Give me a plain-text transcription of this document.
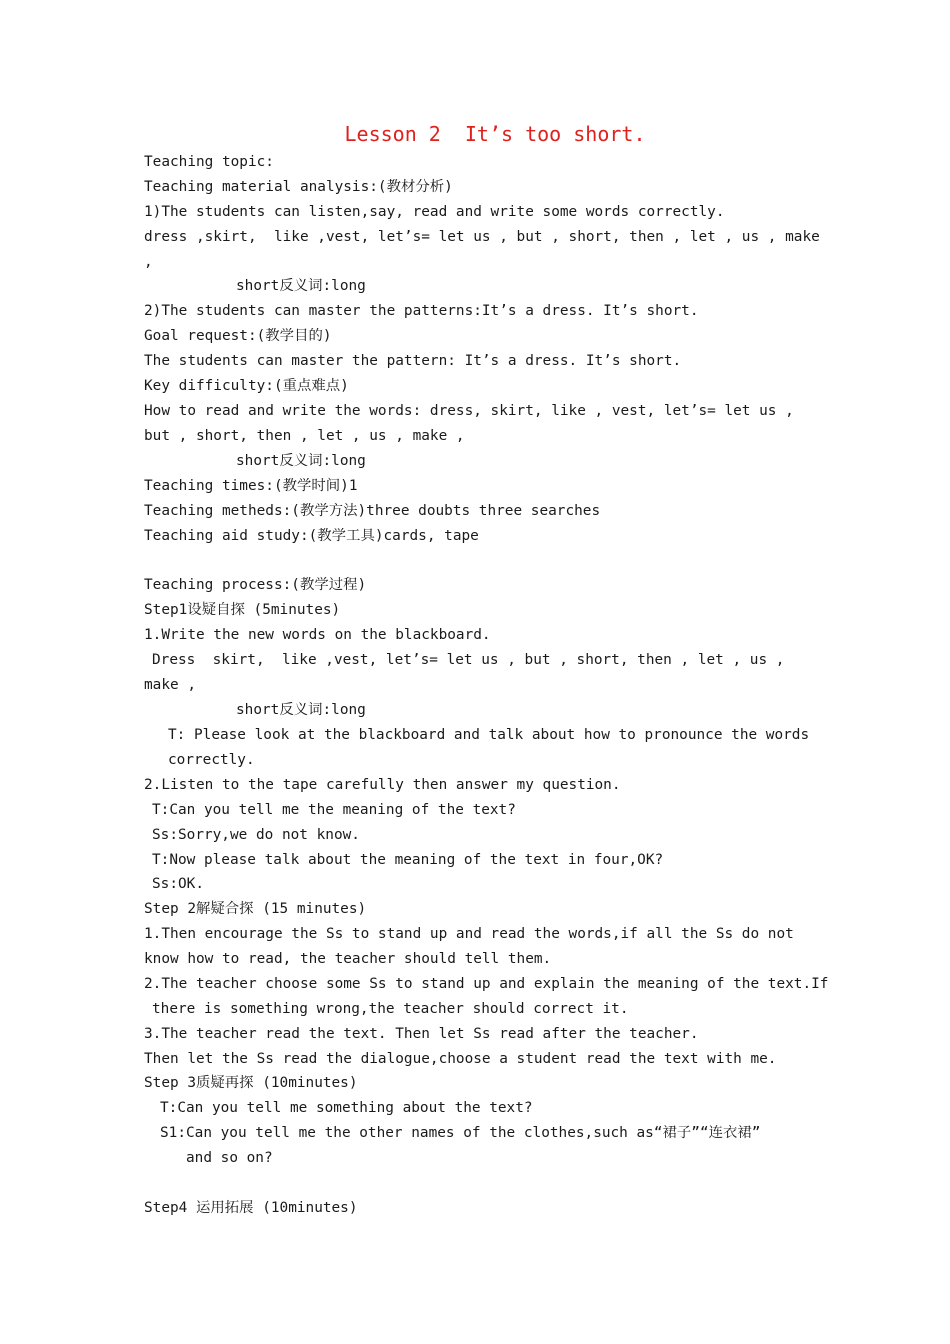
Lesson 2  It’s too short.
Teaching topic:
Teaching material analysis:(教材分析)
1)The students can listen,say, read and write some words correctly.
dress ,skirt,  like ,vest, let’s= let us , but , short, then , let , us , make
,
short反义词:long
2)The students can master the patterns:It’s a dress. It’s short.
Goal request:(教学目的)
The students can master the pattern: It’s a dress. It’s short.
Key difficulty:(重点难点)
How to read and write the words: dress, skirt, like , vest, let’s= let us ,
but , short, then , let , us , make ,
short反义词:long
Teaching times:(教学时间)1
Teaching metheds:(教学方法)three doubts three searches
Teaching aid study:(教学工具)cards, tape
Teaching process:(教学过程)
Step1设疑自探 (5minutes)
1.Write the new words on the blackboard.
Dress  skirt,  like ,vest, let’s= let us , but , short, then , let , us ,
make ,
short反义词:long
T: Please look at the blackboard and talk about how to pronounce the words
correctly.
2.Listen to the tape carefully then answer my question.
T:Can you tell me the meaning of the text?
Ss:Sorry,we do not know.
T:Now please talk about the meaning of the text in four,OK?
Ss:OK.
Step 2解疑合探 (15 minutes)
1.Then encourage the Ss to stand up and read the words,if all the Ss do not
know how to read, the teacher should tell them.
2.The teacher choose some Ss to stand up and explain the meaning of the text.If
there is something wrong,the teacher should correct it.
3.The teacher read the text. Then let Ss read after the teacher.
Then let the Ss read the dialogue,choose a student read the text with me.
Step 3质疑再探 (10minutes)
T:Can you tell me something about the text?
S1:Can you tell me the other names of the clothes,such as“裙子”“连衣裙”
and so on?
Step4 运用拓展 (10minutes)
